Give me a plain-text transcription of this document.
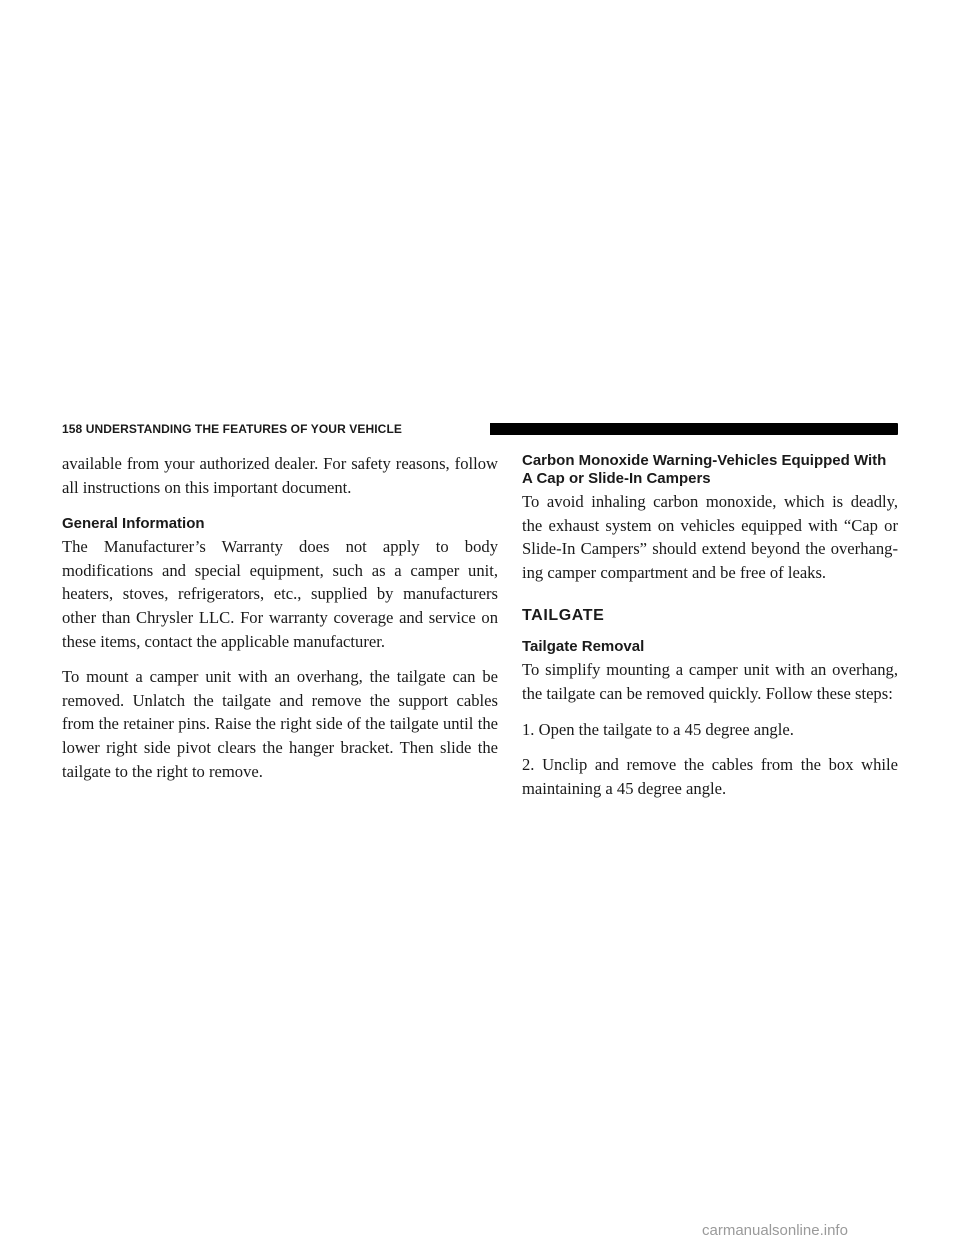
158 UNDERSTANDING THE FEATURES OF YOUR VEHICLE

available from your authorized dealer. For safety reasons, follow all instructions on this important document.

General Information

The Manufacturer’s Warranty does not apply to body modifications and special equipment, such as a camper unit, heaters, stoves, refrigerators, etc., supplied by manufacturers other than Chrysler LLC. For warranty coverage and service on these items, contact the applicable manufacturer.

To mount a camper unit with an overhang, the tailgate can be removed. Unlatch the tailgate and remove the support cables from the retainer pins. Raise the right side of the tailgate until the lower right side pivot clears the hanger bracket. Then slide the tailgate to the right to remove.

Carbon Monoxide Warning-Vehicles Equipped With A Cap or Slide-In Campers

To avoid inhaling carbon monoxide, which is deadly, the exhaust system on vehicles equipped with “Cap or Slide-In Campers” should extend beyond the overhanging camper compartment and be free of leaks.

TAILGATE
Tailgate Removal

To simplify mounting a camper unit with an overhang, the tailgate can be removed quickly. Follow these steps:

1. Open the tailgate to a 45 degree angle.

2. Unclip and remove the cables from the box while maintaining a 45 degree angle.

carmanualsonline.info
